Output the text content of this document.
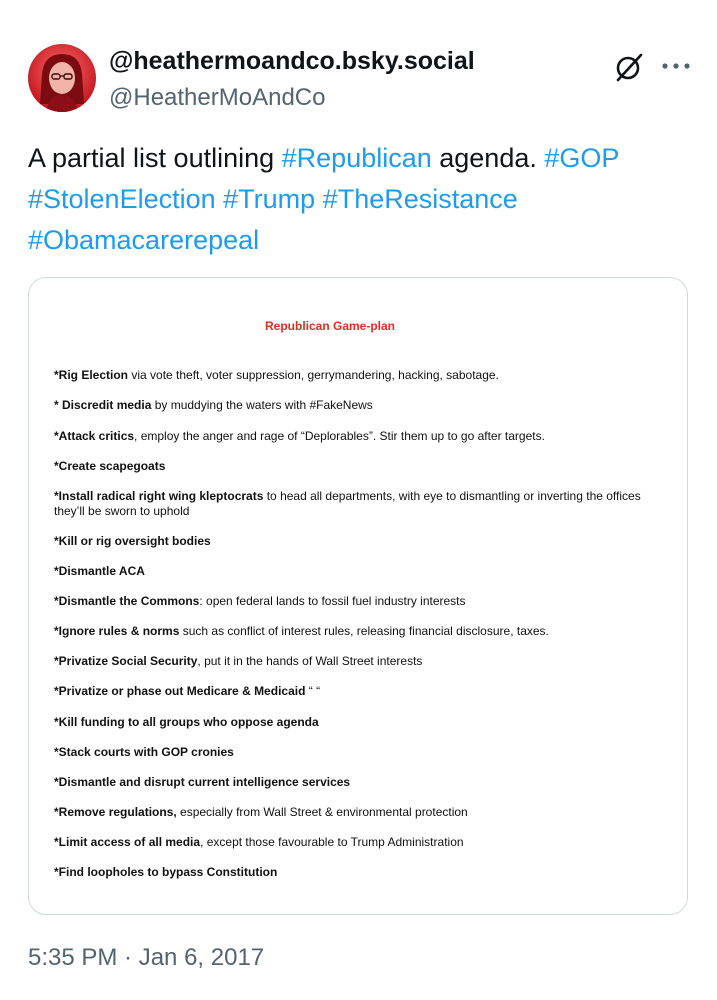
@heathermoandco.bsky.social
@HeatherMoAndCo
A partial list outlining #Republican agenda. #GOP #StolenElection #Trump #TheResistance #Obamacarerepeal
Republican Game-plan
*Rig Election via vote theft, voter suppression, gerrymandering, hacking, sabotage.
* Discredit media by muddying the waters with #FakeNews
*Attack critics, employ the anger and rage of “Deplorables”. Stir them up to go after targets.
*Create scapegoats
*Install radical right wing kleptocrats to head all departments, with eye to dismantling or inverting the offices they’ll be sworn to uphold
*Kill or rig oversight bodies
*Dismantle ACA
*Dismantle the Commons: open federal lands to fossil fuel industry interests
*Ignore rules & norms such as conflict of interest rules, releasing financial disclosure, taxes.
*Privatize Social Security, put it in the hands of Wall Street interests
*Privatize or phase out Medicare & Medicaid “ “
*Kill funding to all groups who oppose agenda
*Stack courts with GOP cronies
*Dismantle and disrupt current intelligence services
*Remove regulations, especially from Wall Street & environmental protection
*Limit access of all media, except those favourable to Trump Administration
*Find loopholes to bypass Constitution
5:35 PM · Jan 6, 2017
